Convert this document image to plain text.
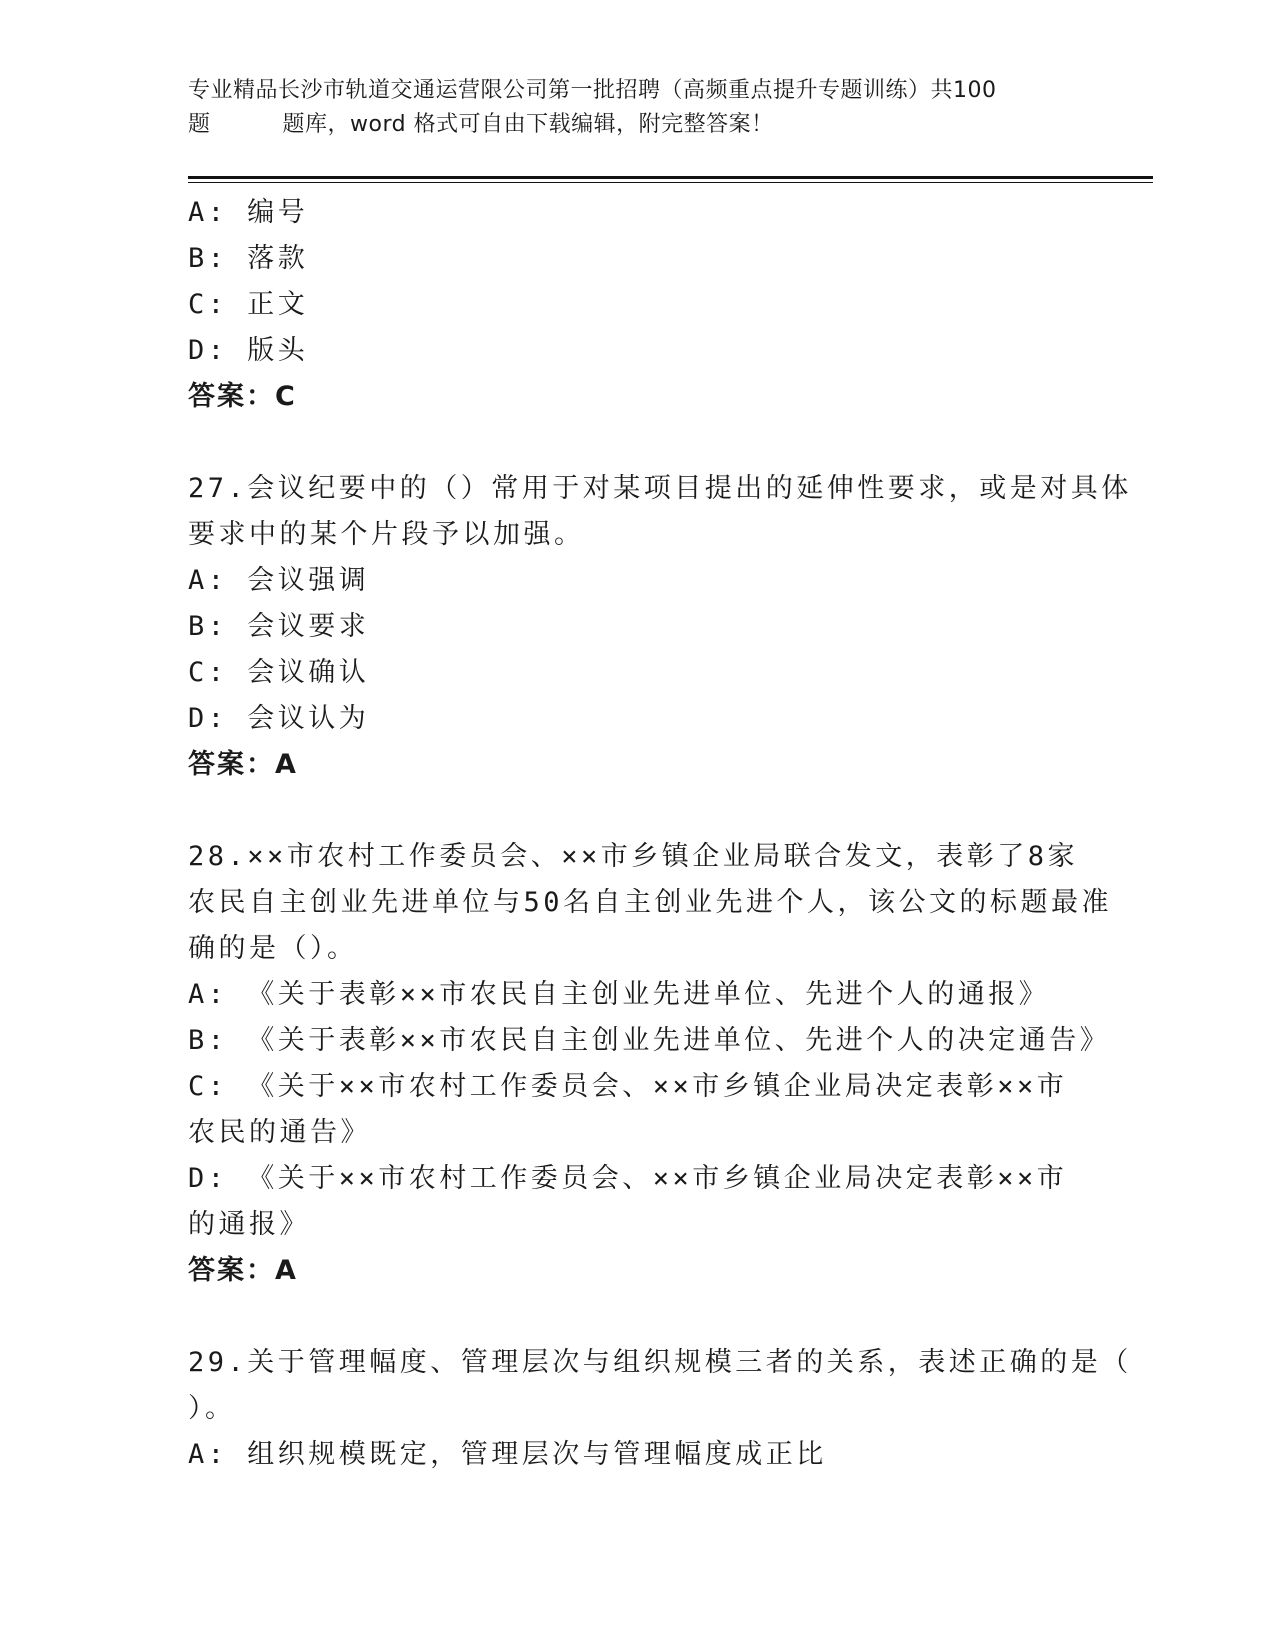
专业精品长沙市轨道交通运营限公司第一批招聘（高频重点提升专题训练）共100
题	题库，word 格式可自由下载编辑，附完整答案！
A: 编号
B: 落款
C: 正文
D: 版头
答案：C
27.会议纪要中的（）常用于对某项目提出的延伸性要求，或是对具体
要求中的某个片段予以加强。
A: 会议强调
B: 会议要求
C: 会议确认
D: 会议认为
答案：A
28.××市农村工作委员会、××市乡镇企业局联合发文，表彰了8家
农民自主创业先进单位与50名自主创业先进个人，该公文的标题最准
确的是（）。
A: 《关于表彰××市农民自主创业先进单位、先进个人的通报》
B: 《关于表彰××市农民自主创业先进单位、先进个人的决定通告》
C: 《关于××市农村工作委员会、××市乡镇企业局决定表彰××市
农民的通告》
D: 《关于××市农村工作委员会、××市乡镇企业局决定表彰××市
的通报》
答案：A
29.关于管理幅度、管理层次与组织规模三者的关系，表述正确的是（
）。
A: 组织规模既定，管理层次与管理幅度成正比
